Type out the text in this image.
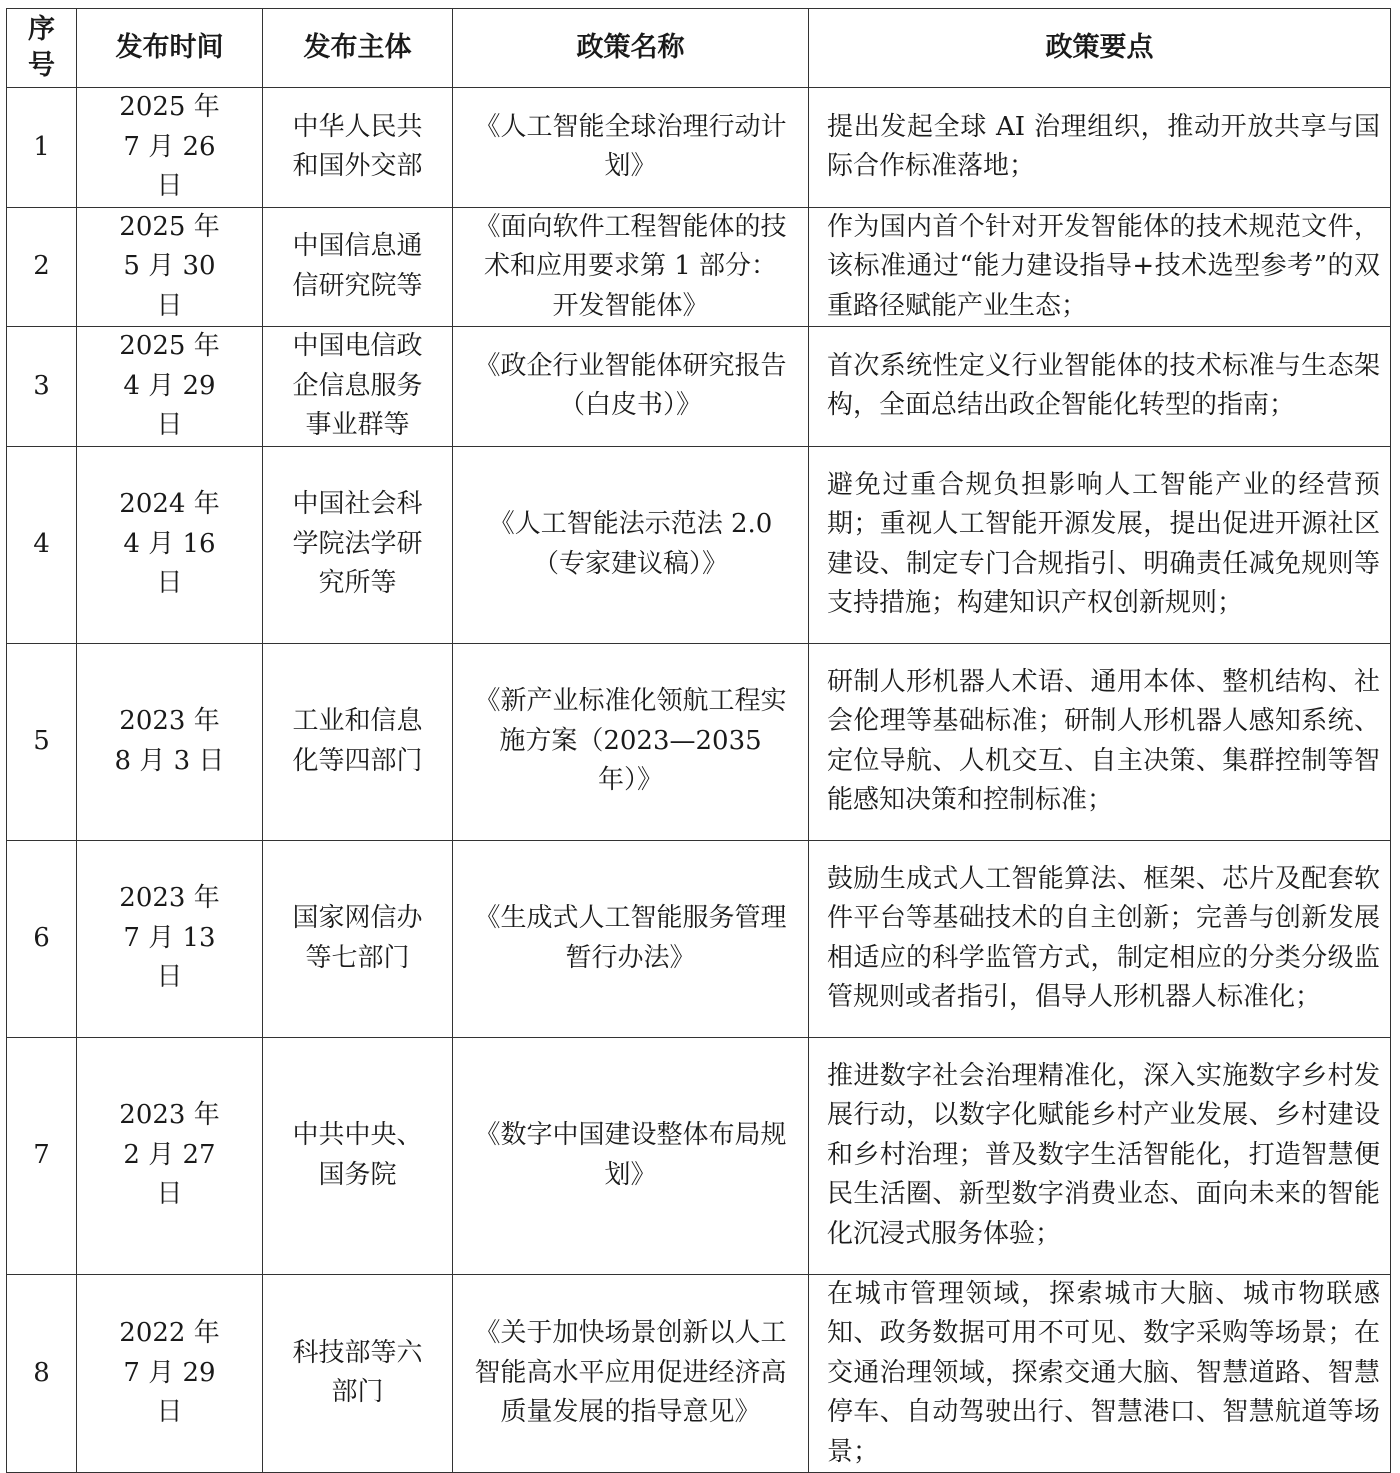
序号	发布时间	发布主体	政策名称	政策要点
1	2025 年 7 月 26 日	中华人民共和国外交部	《人工智能全球治理行动计划》	提出发起全球 AI 治理组织，推动开放共享与国际合作标准落地；

2	2025 年 5 月 30 日	中国信息通信研究院等	《面向软件工程智能体的技术和应用要求第 1 部分：开发智能体》	作为国内首个针对开发智能体的技术规范文件，该标准通过“能力建设指导+技术选型参考”的双重路径赋能产业生态；

3	2025 年 4 月 29 日	中国电信政企信息服务事业群等	《政企行业智能体研究报告（白皮书）》	首次系统性定义行业智能体的技术标准与生态架构，全面总结出政企智能化转型的指南；

4	2024 年 4 月 16 日	中国社会科学院法学研究所等	《人工智能法示范法 2.0（专家建议稿）》	避免过重合规负担影响人工智能产业的经营预期；重视人工智能开源发展，提出促进开源社区建设、制定专门合规指引、明确责任减免规则等支持措施；构建知识产权创新规则；

5	2023 年 8 月 3 日	工业和信息化等四部门	《新产业标准化领航工程实施方案（2023—2035 年）》	研制人形机器人术语、通用本体、整机结构、社会伦理等基础标准；研制人形机器人感知系统、定位导航、人机交互、自主决策、集群控制等智能感知决策和控制标准；

6	2023 年 7 月 13 日	国家网信办等七部门	《生成式人工智能服务管理暂行办法》	鼓励生成式人工智能算法、框架、芯片及配套软件平台等基础技术的自主创新；完善与创新发展相适应的科学监管方式，制定相应的分类分级监管规则或者指引，倡导人形机器人标准化；

7	2023 年 2 月 27 日	中共中央、国务院	《数字中国建设整体布局规划》	推进数字社会治理精准化，深入实施数字乡村发展行动，以数字化赋能乡村产业发展、乡村建设和乡村治理；普及数字生活智能化，打造智慧便民生活圈、新型数字消费业态、面向未来的智能化沉浸式服务体验；

8	2022 年 7 月 29 日	科技部等六部门	《关于加快场景创新以人工智能高水平应用促进经济高质量发展的指导意见》	在城市管理领域，探索城市大脑、城市物联感知、政务数据可用不可见、数字采购等场景；在交通治理领域，探索交通大脑、智慧道路、智慧停车、自动驾驶出行、智慧港口、智慧航道等场景；
